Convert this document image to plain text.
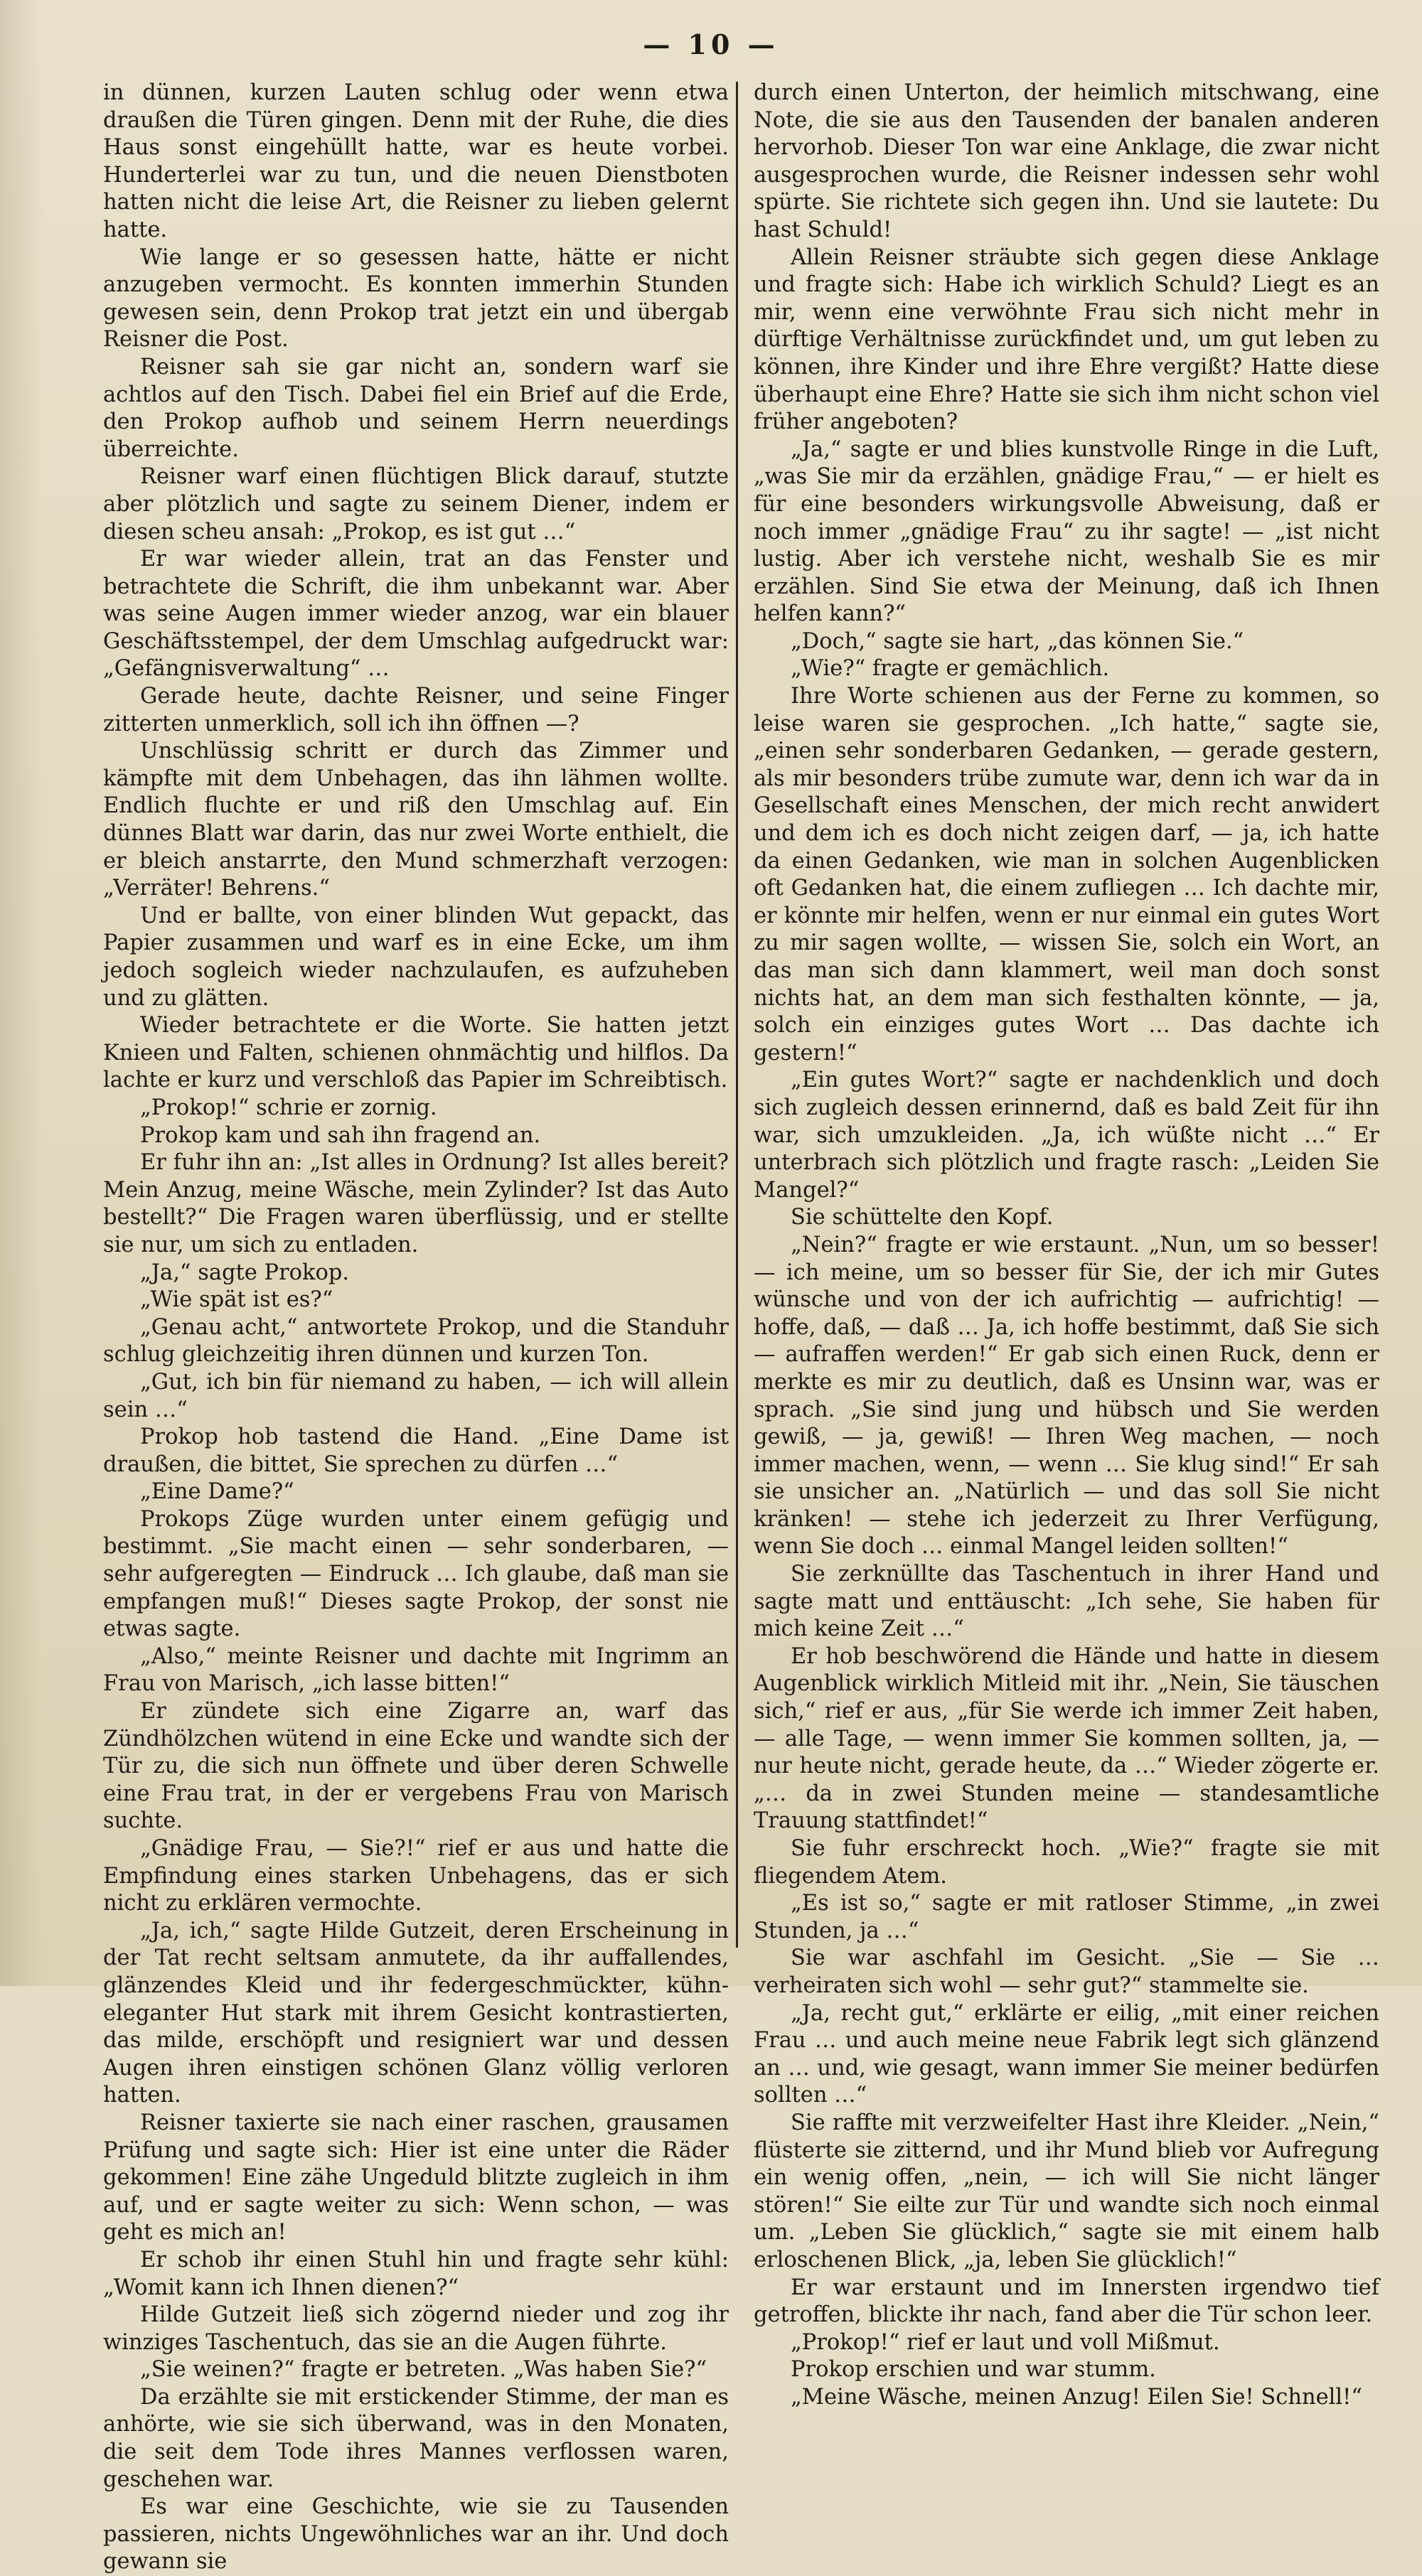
— 10 —

in dünnen, kurzen Lauten schlug oder wenn etwa draußen die Türen gingen. Denn mit der Ruhe, die dies Haus sonst eingehüllt hatte, war es heute vorbei. Hunderterlei war zu tun, und die neuen Dienstboten hatten nicht die leise Art, die Reisner zu lieben gelernt hatte.

Wie lange er so gesessen hatte, hätte er nicht anzugeben vermocht. Es konnten immerhin Stunden gewesen sein, denn Prokop trat jetzt ein und übergab Reisner die Post.

Reisner sah sie gar nicht an, sondern warf sie achtlos auf den Tisch. Dabei fiel ein Brief auf die Erde, den Prokop aufhob und seinem Herrn neuerdings überreichte.

Reisner warf einen flüchtigen Blick darauf, stutzte aber plötzlich und sagte zu seinem Diener, indem er diesen scheu ansah: „Prokop, es ist gut …“

Er war wieder allein, trat an das Fenster und betrachtete die Schrift, die ihm unbekannt war. Aber was seine Augen immer wieder anzog, war ein blauer Geschäftsstempel, der dem Umschlag aufgedruckt war: „Gefängnisverwaltung“ …

Gerade heute, dachte Reisner, und seine Finger zitterten unmerklich, soll ich ihn öffnen —?

Unschlüssig schritt er durch das Zimmer und kämpfte mit dem Unbehagen, das ihn lähmen wollte. Endlich fluchte er und riß den Umschlag auf. Ein dünnes Blatt war darin, das nur zwei Worte enthielt, die er bleich anstarrte, den Mund schmerzhaft verzogen: „Verräter! Behrens.“

Und er ballte, von einer blinden Wut gepackt, das Papier zusammen und warf es in eine Ecke, um ihm jedoch sogleich wieder nachzulaufen, es aufzuheben und zu glätten.

Wieder betrachtete er die Worte. Sie hatten jetzt Knieen und Falten, schienen ohnmächtig und hilflos. Da lachte er kurz und verschloß das Papier im Schreibtisch.

„Prokop!“ schrie er zornig.

Prokop kam und sah ihn fragend an.

Er fuhr ihn an: „Ist alles in Ordnung? Ist alles bereit? Mein Anzug, meine Wäsche, mein Zylinder? Ist das Auto bestellt?“ Die Fragen waren überflüssig, und er stellte sie nur, um sich zu entladen.

„Ja,“ sagte Prokop.

„Wie spät ist es?“

„Genau acht,“ antwortete Prokop, und die Standuhr schlug gleichzeitig ihren dünnen und kurzen Ton.

„Gut, ich bin für niemand zu haben, — ich will allein sein …“

Prokop hob tastend die Hand. „Eine Dame ist draußen, die bittet, Sie sprechen zu dürfen …“

„Eine Dame?“

Prokops Züge wurden unter einem gefügig und bestimmt. „Sie macht einen — sehr sonderbaren, — sehr aufgeregten — Eindruck … Ich glaube, daß man sie empfangen muß!“ Dieses sagte Prokop, der sonst nie etwas sagte.

„Also,“ meinte Reisner und dachte mit Ingrimm an Frau von Marisch, „ich lasse bitten!“

Er zündete sich eine Zigarre an, warf das Zündhölzchen wütend in eine Ecke und wandte sich der Tür zu, die sich nun öffnete und über deren Schwelle eine Frau trat, in der er vergebens Frau von Marisch suchte.

„Gnädige Frau, — Sie?!“ rief er aus und hatte die Empfindung eines starken Unbehagens, das er sich nicht zu erklären vermochte.

„Ja, ich,“ sagte Hilde Gutzeit, deren Erscheinung in der Tat recht seltsam anmutete, da ihr auffallendes, glänzendes Kleid und ihr federgeschmückter, kühn-eleganter Hut stark mit ihrem Gesicht kontrastierten, das milde, erschöpft und resigniert war und dessen Augen ihren einstigen schönen Glanz völlig verloren hatten.

Reisner taxierte sie nach einer raschen, grausamen Prüfung und sagte sich: Hier ist eine unter die Räder gekommen! Eine zähe Ungeduld blitzte zugleich in ihm auf, und er sagte weiter zu sich: Wenn schon, — was geht es mich an!

Er schob ihr einen Stuhl hin und fragte sehr kühl: „Womit kann ich Ihnen dienen?“

Hilde Gutzeit ließ sich zögernd nieder und zog ihr winziges Taschentuch, das sie an die Augen führte.

„Sie weinen?“ fragte er betreten. „Was haben Sie?“

Da erzählte sie mit erstickender Stimme, der man es anhörte, wie sie sich überwand, was in den Monaten, die seit dem Tode ihres Mannes verflossen waren, geschehen war.

Es war eine Geschichte, wie sie zu Tausenden passieren, nichts Ungewöhnliches war an ihr. Und doch gewann sie

durch einen Unterton, der heimlich mitschwang, eine Note, die sie aus den Tausenden der banalen anderen hervorhob. Dieser Ton war eine Anklage, die zwar nicht ausgesprochen wurde, die Reisner indessen sehr wohl spürte. Sie richtete sich gegen ihn. Und sie lautete: Du hast Schuld!

Allein Reisner sträubte sich gegen diese Anklage und fragte sich: Habe ich wirklich Schuld? Liegt es an mir, wenn eine verwöhnte Frau sich nicht mehr in dürftige Verhältnisse zurückfindet und, um gut leben zu können, ihre Kinder und ihre Ehre vergißt? Hatte diese überhaupt eine Ehre? Hatte sie sich ihm nicht schon viel früher angeboten?

„Ja,“ sagte er und blies kunstvolle Ringe in die Luft, „was Sie mir da erzählen, gnädige Frau,“ — er hielt es für eine besonders wirkungsvolle Abweisung, daß er noch immer „gnädige Frau“ zu ihr sagte! — „ist nicht lustig. Aber ich verstehe nicht, weshalb Sie es mir erzählen. Sind Sie etwa der Meinung, daß ich Ihnen helfen kann?“

„Doch,“ sagte sie hart, „das können Sie.“

„Wie?“ fragte er gemächlich.

Ihre Worte schienen aus der Ferne zu kommen, so leise waren sie gesprochen. „Ich hatte,“ sagte sie, „einen sehr sonderbaren Gedanken, — gerade gestern, als mir besonders trübe zumute war, denn ich war da in Gesellschaft eines Menschen, der mich recht anwidert und dem ich es doch nicht zeigen darf, — ja, ich hatte da einen Gedanken, wie man in solchen Augenblicken oft Gedanken hat, die einem zufliegen … Ich dachte mir, er könnte mir helfen, wenn er nur einmal ein gutes Wort zu mir sagen wollte, — wissen Sie, solch ein Wort, an das man sich dann klammert, weil man doch sonst nichts hat, an dem man sich festhalten könnte, — ja, solch ein einziges gutes Wort … Das dachte ich gestern!“

„Ein gutes Wort?“ sagte er nachdenklich und doch sich zugleich dessen erinnernd, daß es bald Zeit für ihn war, sich umzukleiden. „Ja, ich wüßte nicht …“ Er unterbrach sich plötzlich und fragte rasch: „Leiden Sie Mangel?“

Sie schüttelte den Kopf.

„Nein?“ fragte er wie erstaunt. „Nun, um so besser! — ich meine, um so besser für Sie, der ich mir Gutes wünsche und von der ich aufrichtig — aufrichtig! — hoffe, daß, — daß … Ja, ich hoffe bestimmt, daß Sie sich — aufraffen werden!“ Er gab sich einen Ruck, denn er merkte es mir zu deutlich, daß es Unsinn war, was er sprach. „Sie sind jung und hübsch und Sie werden gewiß, — ja, gewiß! — Ihren Weg machen, — noch immer machen, wenn, — wenn … Sie klug sind!“ Er sah sie unsicher an. „Natürlich — und das soll Sie nicht kränken! — stehe ich jederzeit zu Ihrer Verfügung, wenn Sie doch … einmal Mangel leiden sollten!“

Sie zerknüllte das Taschentuch in ihrer Hand und sagte matt und enttäuscht: „Ich sehe, Sie haben für mich keine Zeit …“

Er hob beschwörend die Hände und hatte in diesem Augenblick wirklich Mitleid mit ihr. „Nein, Sie täuschen sich,“ rief er aus, „für Sie werde ich immer Zeit haben, — alle Tage, — wenn immer Sie kommen sollten, ja, — nur heute nicht, gerade heute, da …“ Wieder zögerte er. „… da in zwei Stunden meine — standesamtliche Trauung stattfindet!“

Sie fuhr erschreckt hoch. „Wie?“ fragte sie mit fliegendem Atem.

„Es ist so,“ sagte er mit ratloser Stimme, „in zwei Stunden, ja …“

Sie war aschfahl im Gesicht. „Sie — Sie … verheiraten sich wohl — sehr gut?“ stammelte sie.

„Ja, recht gut,“ erklärte er eilig, „mit einer reichen Frau … und auch meine neue Fabrik legt sich glänzend an … und, wie gesagt, wann immer Sie meiner bedürfen sollten …“

Sie raffte mit verzweifelter Hast ihre Kleider. „Nein,“ flüsterte sie zitternd, und ihr Mund blieb vor Aufregung ein wenig offen, „nein, — ich will Sie nicht länger stören!“ Sie eilte zur Tür und wandte sich noch einmal um. „Leben Sie glücklich,“ sagte sie mit einem halb erloschenen Blick, „ja, leben Sie glücklich!“

Er war erstaunt und im Innersten irgendwo tief getroffen, blickte ihr nach, fand aber die Tür schon leer.

„Prokop!“ rief er laut und voll Mißmut.

Prokop erschien und war stumm.

„Meine Wäsche, meinen Anzug! Eilen Sie! Schnell!“
